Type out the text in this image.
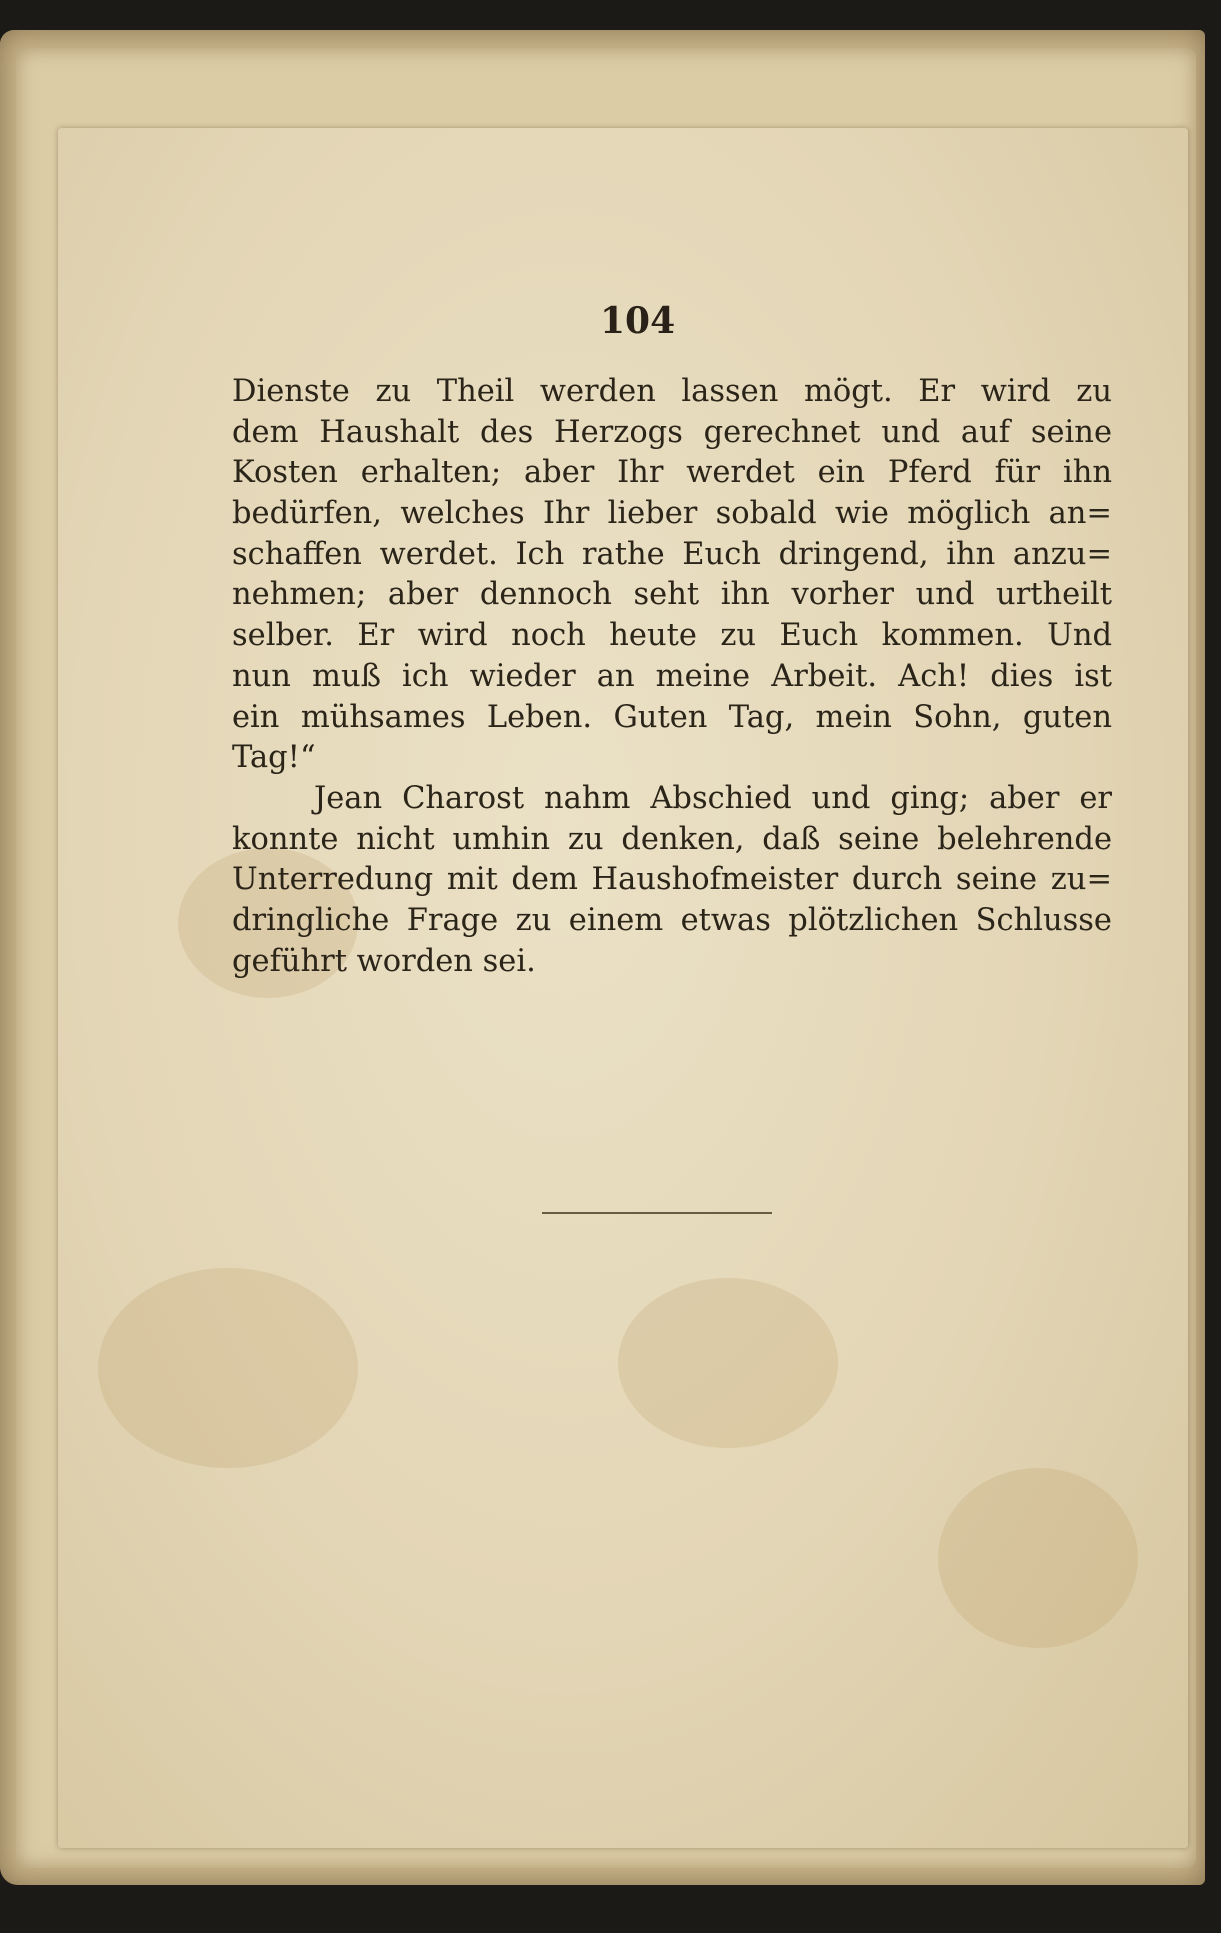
104
Dienste zu Theil werden lassen mögt. Er wird zu
dem Haushalt des Herzogs gerechnet und auf seine
Kosten erhalten; aber Ihr werdet ein Pferd für ihn
bedürfen, welches Ihr lieber sobald wie möglich an=
schaffen werdet. Ich rathe Euch dringend, ihn anzu=
nehmen; aber dennoch seht ihn vorher und urtheilt
selber. Er wird noch heute zu Euch kommen. Und
nun muß ich wieder an meine Arbeit. Ach! dies ist
ein mühsames Leben. Guten Tag, mein Sohn, guten
Tag!“
Jean Charost nahm Abschied und ging; aber er
konnte nicht umhin zu denken, daß seine belehrende
Unterredung mit dem Haushofmeister durch seine zu=
dringliche Frage zu einem etwas plötzlichen Schlusse
geführt worden sei.
